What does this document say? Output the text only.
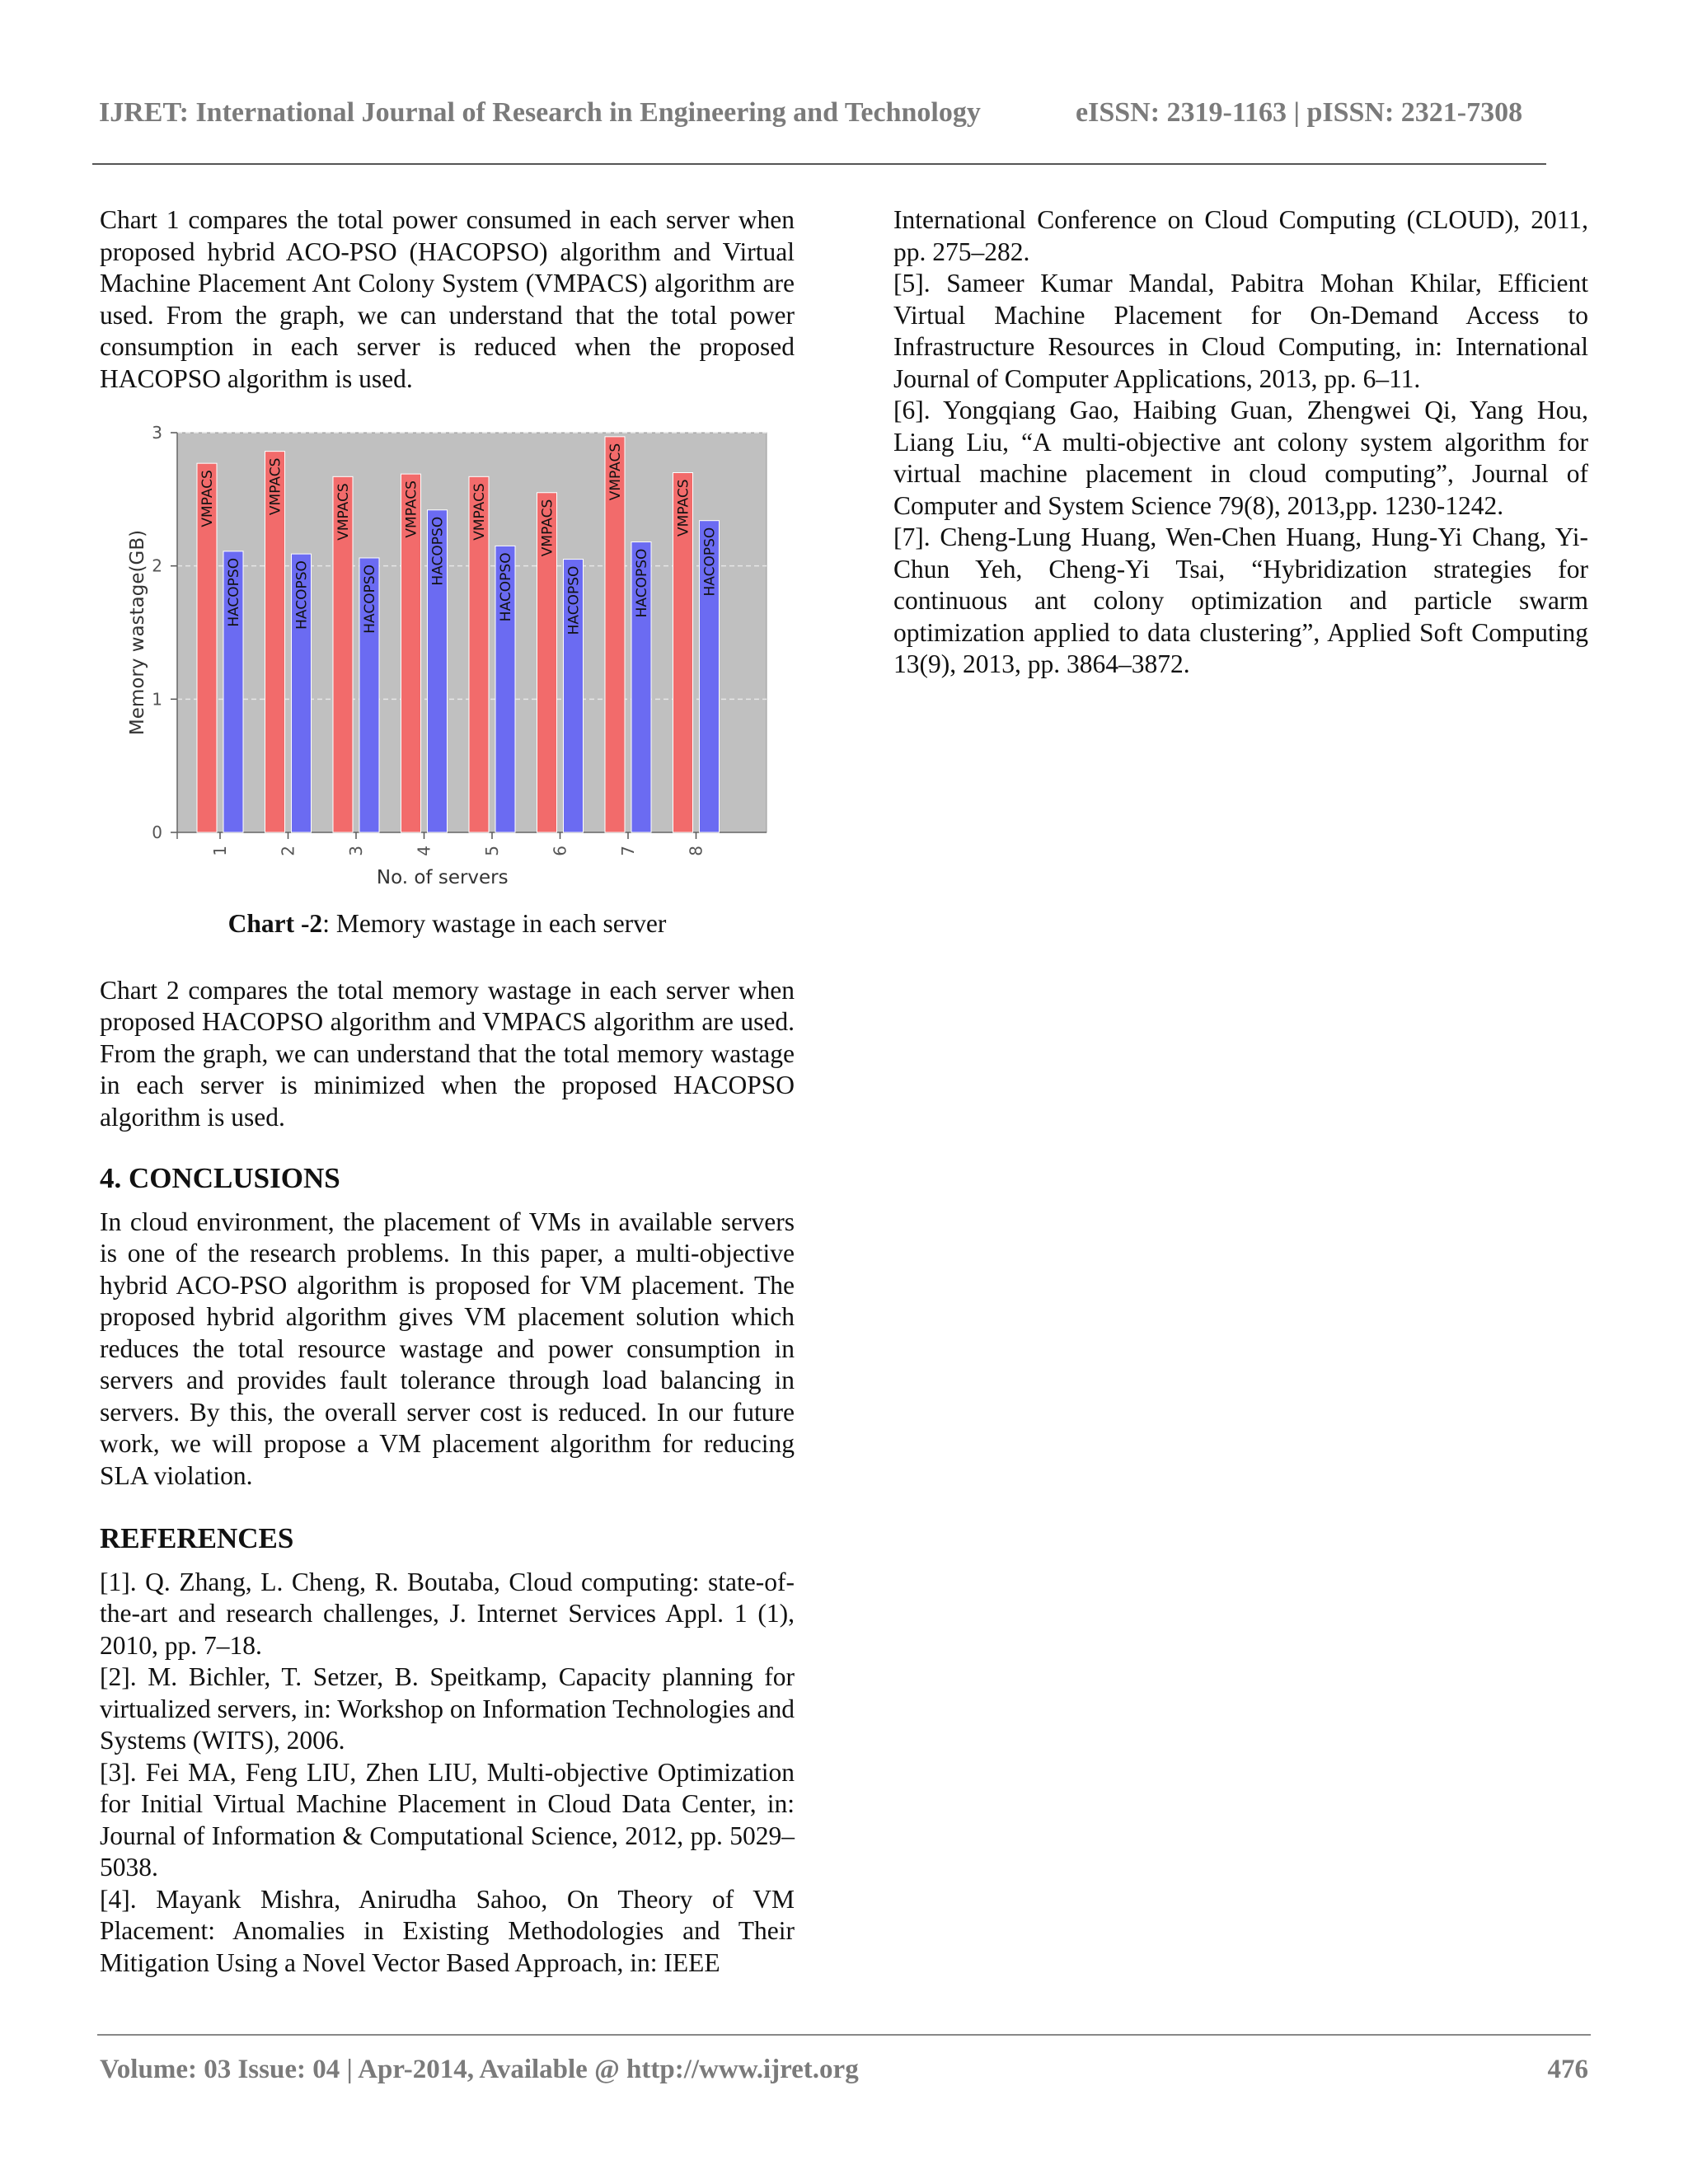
IJRET: International Journal of Research in Engineering and Technology	eISSN: 2319-1163 | pISSN: 2321-7308

Chart 1 compares the total power consumed in each server when proposed hybrid ACO-PSO (HACOPSO) algorithm and Virtual Machine Placement Ant Colony System (VMPACS) algorithm are used. From the graph, we can understand that the total power consumption in each server is reduced when the proposed HACOPSO algorithm is used.

0
1
2
3
VMPACS
HACOPSO
1
VMPACS
HACOPSO
2
VMPACS
HACOPSO
3
VMPACS
HACOPSO
4
VMPACS
HACOPSO
5
VMPACS
HACOPSO
6
VMPACS
HACOPSO
7
VMPACS
HACOPSO
8
No. of servers
Memory wastage(GB)
Chart -2: Memory wastage in each server

Chart 2 compares the total memory wastage in each server when proposed HACOPSO algorithm and VMPACS algorithm are used. From the graph, we can understand that the total memory wastage in each server is minimized when the proposed HACOPSO algorithm is used.

4. CONCLUSIONS

In cloud environment, the placement of VMs in available servers is one of the research problems. In this paper, a multi-objective hybrid ACO-PSO algorithm is proposed for VM placement. The proposed hybrid algorithm gives VM placement solution which reduces the total resource wastage and power consumption in servers and provides fault tolerance through load balancing in servers. By this, the overall server cost is reduced. In our future work, we will propose a VM placement algorithm for reducing SLA violation.

REFERENCES

[1]. Q. Zhang, L. Cheng, R. Boutaba, Cloud computing: state-of-the-art and research challenges, J. Internet Services Appl. 1 (1), 2010, pp. 7–18.

[2]. M. Bichler, T. Setzer, B. Speitkamp, Capacity planning for virtualized servers, in: Workshop on Information Technologies and Systems (WITS), 2006.

[3]. Fei MA, Feng LIU, Zhen LIU, Multi-objective Optimization for Initial Virtual Machine Placement in Cloud Data Center, in: Journal of Information & Computational Science, 2012, pp. 5029–5038.

[4]. Mayank Mishra, Anirudha Sahoo, On Theory of VM Placement: Anomalies in Existing Methodologies and Their Mitigation Using a Novel Vector Based Approach, in: IEEE

International Conference on Cloud Computing (CLOUD), 2011, pp. 275–282.

[5]. Sameer Kumar Mandal, Pabitra Mohan Khilar, Efficient Virtual Machine Placement for On-Demand Access to Infrastructure Resources in Cloud Computing, in: International Journal of Computer Applications, 2013, pp. 6–11.

[6]. Yongqiang Gao, Haibing Guan, Zhengwei Qi, Yang Hou, Liang Liu, “A multi-objective ant colony system algorithm for virtual machine placement in cloud computing”, Journal of Computer and System Science 79(8), 2013,pp. 1230-1242.

[7]. Cheng-Lung Huang, Wen-Chen Huang, Hung-Yi Chang, Yi-Chun Yeh, Cheng-Yi Tsai, “Hybridization strategies for continuous ant colony optimization and particle swarm optimization applied to data clustering”, Applied Soft Computing 13(9), 2013, pp. 3864–3872.

Volume: 03 Issue: 04 | Apr-2014, Available @ http://www.ijret.org	476
